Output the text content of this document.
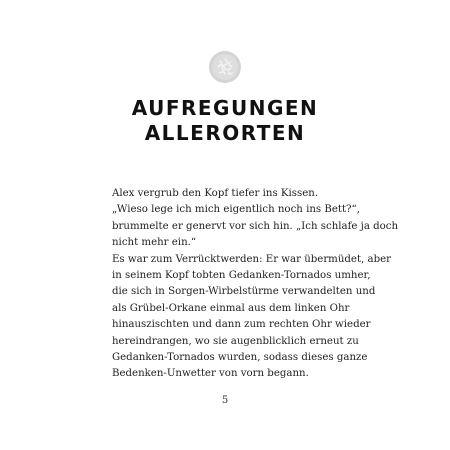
AUFREGUNGEN
ALLERORTEN
Alex vergrub den Kopf tiefer ins Kissen.
„Wieso lege ich mich eigentlich noch ins Bett?“,
brummelte er genervt vor sich hin. „Ich schlafe ja doch
nicht mehr ein.“
Es war zum Verrücktwerden: Er war übermüdet, aber
in seinem Kopf tobten Gedanken-Tornados umher,
die sich in Sorgen-Wirbelstürme verwandelten und
als Grübel-Orkane einmal aus dem linken Ohr
hinauszischten und dann zum rechten Ohr wieder
hereindrangen, wo sie augenblicklich erneut zu
Gedanken-Tornados wurden, sodass dieses ganze
Bedenken-Unwetter von vorn begann.
5
